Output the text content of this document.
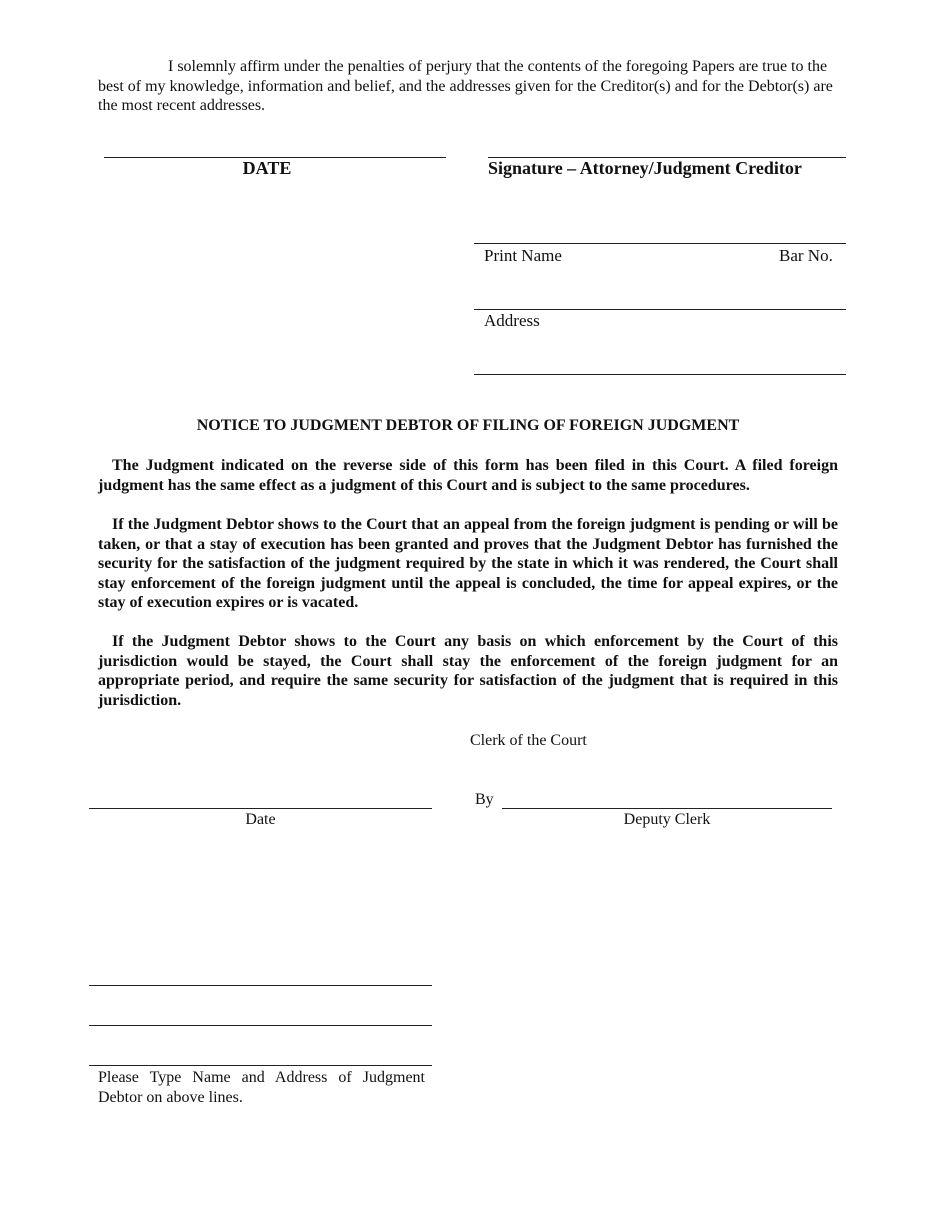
I solemnly affirm under the penalties of perjury that the contents of the foregoing Papers are true to the best of my knowledge, information and belief, and the addresses given for the Creditor(s) and for the Debtor(s) are the most recent addresses.
DATE	Signature – Attorney/Judgment Creditor
Print Name	Bar No.
Address
NOTICE TO JUDGMENT DEBTOR OF FILING OF FOREIGN JUDGMENT
The Judgment indicated on the reverse side of this form has been filed in this Court. A filed foreign judgment has the same effect as a judgment of this Court and is subject to the same procedures.
If the Judgment Debtor shows to the Court that an appeal from the foreign judgment is pending or will be taken, or that a stay of execution has been granted and proves that the Judgment Debtor has furnished the security for the satisfaction of the judgment required by the state in which it was rendered, the Court shall stay enforcement of the foreign judgment until the appeal is concluded, the time for appeal expires, or the stay of execution expires or is vacated.
If the Judgment Debtor shows to the Court any basis on which enforcement by the Court of this jurisdiction would be stayed, the Court shall stay the enforcement of the foreign judgment for an appropriate period, and require the same security for satisfaction of the judgment that is required in this jurisdiction.
Clerk of the Court
Date
By
Deputy Clerk
Please Type Name and Address of Judgment Debtor on above lines.
